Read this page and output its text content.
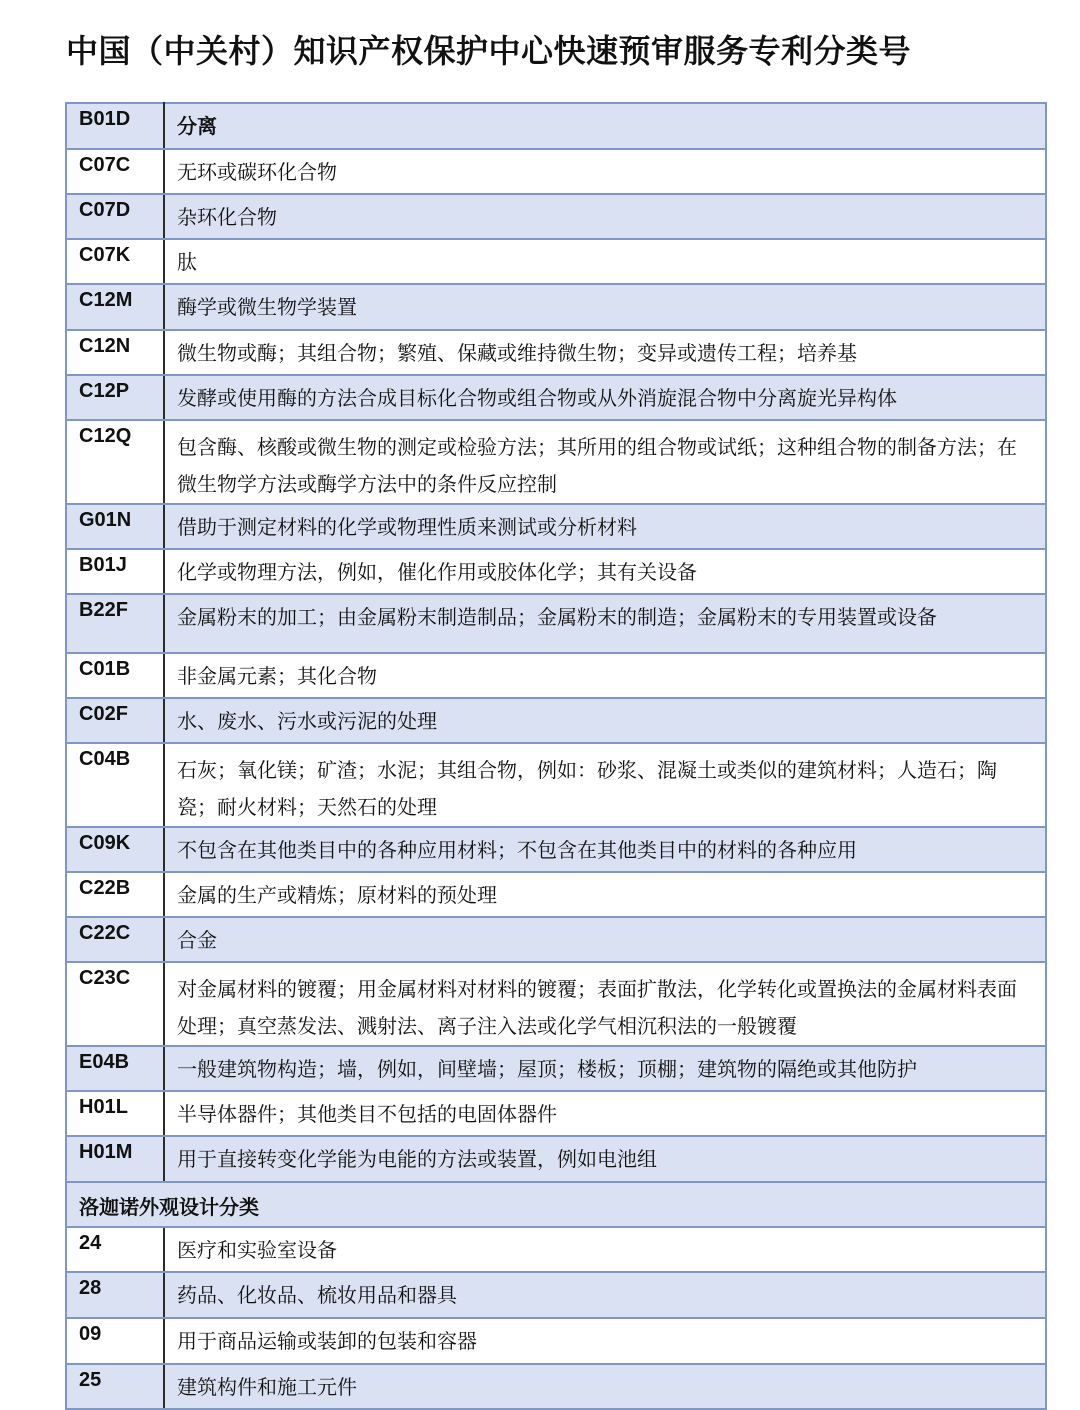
中国（中关村）知识产权保护中心快速预审服务专利分类号
B01D	分离
C07C	无环或碳环化合物
C07D	杂环化合物
C07K	肽
C12M	酶学或微生物学装置
C12N	微生物或酶；其组合物；繁殖、保藏或维持微生物；变异或遗传工程；培养基
C12P	发酵或使用酶的方法合成目标化合物或组合物或从外消旋混合物中分离旋光异构体
C12Q	包含酶、核酸或微生物的测定或检验方法；其所用的组合物或试纸；这种组合物的制备方法；在微生物学方法或酶学方法中的条件反应控制
G01N	借助于测定材料的化学或物理性质来测试或分析材料
B01J	化学或物理方法，例如，催化作用或胶体化学；其有关设备
B22F	金属粉末的加工；由金属粉末制造制品；金属粉末的制造；金属粉末的专用装置或设备
C01B	非金属元素；其化合物
C02F	水、废水、污水或污泥的处理
C04B	石灰；氧化镁；矿渣；水泥；其组合物，例如：砂浆、混凝土或类似的建筑材料；人造石；陶瓷；耐火材料；天然石的处理
C09K	不包含在其他类目中的各种应用材料；不包含在其他类目中的材料的各种应用
C22B	金属的生产或精炼；原材料的预处理
C22C	合金
C23C	对金属材料的镀覆；用金属材料对材料的镀覆；表面扩散法，化学转化或置换法的金属材料表面处理；真空蒸发法、溅射法、离子注入法或化学气相沉积法的一般镀覆
E04B	一般建筑物构造；墙，例如，间壁墙；屋顶；楼板；顶棚；建筑物的隔绝或其他防护
H01L	半导体器件；其他类目不包括的电固体器件
H01M	用于直接转变化学能为电能的方法或装置，例如电池组
洛迦诺外观设计分类	
24	医疗和实验室设备
28	药品、化妆品、梳妆用品和器具
09	用于商品运输或装卸的包装和容器
25	建筑构件和施工元件
